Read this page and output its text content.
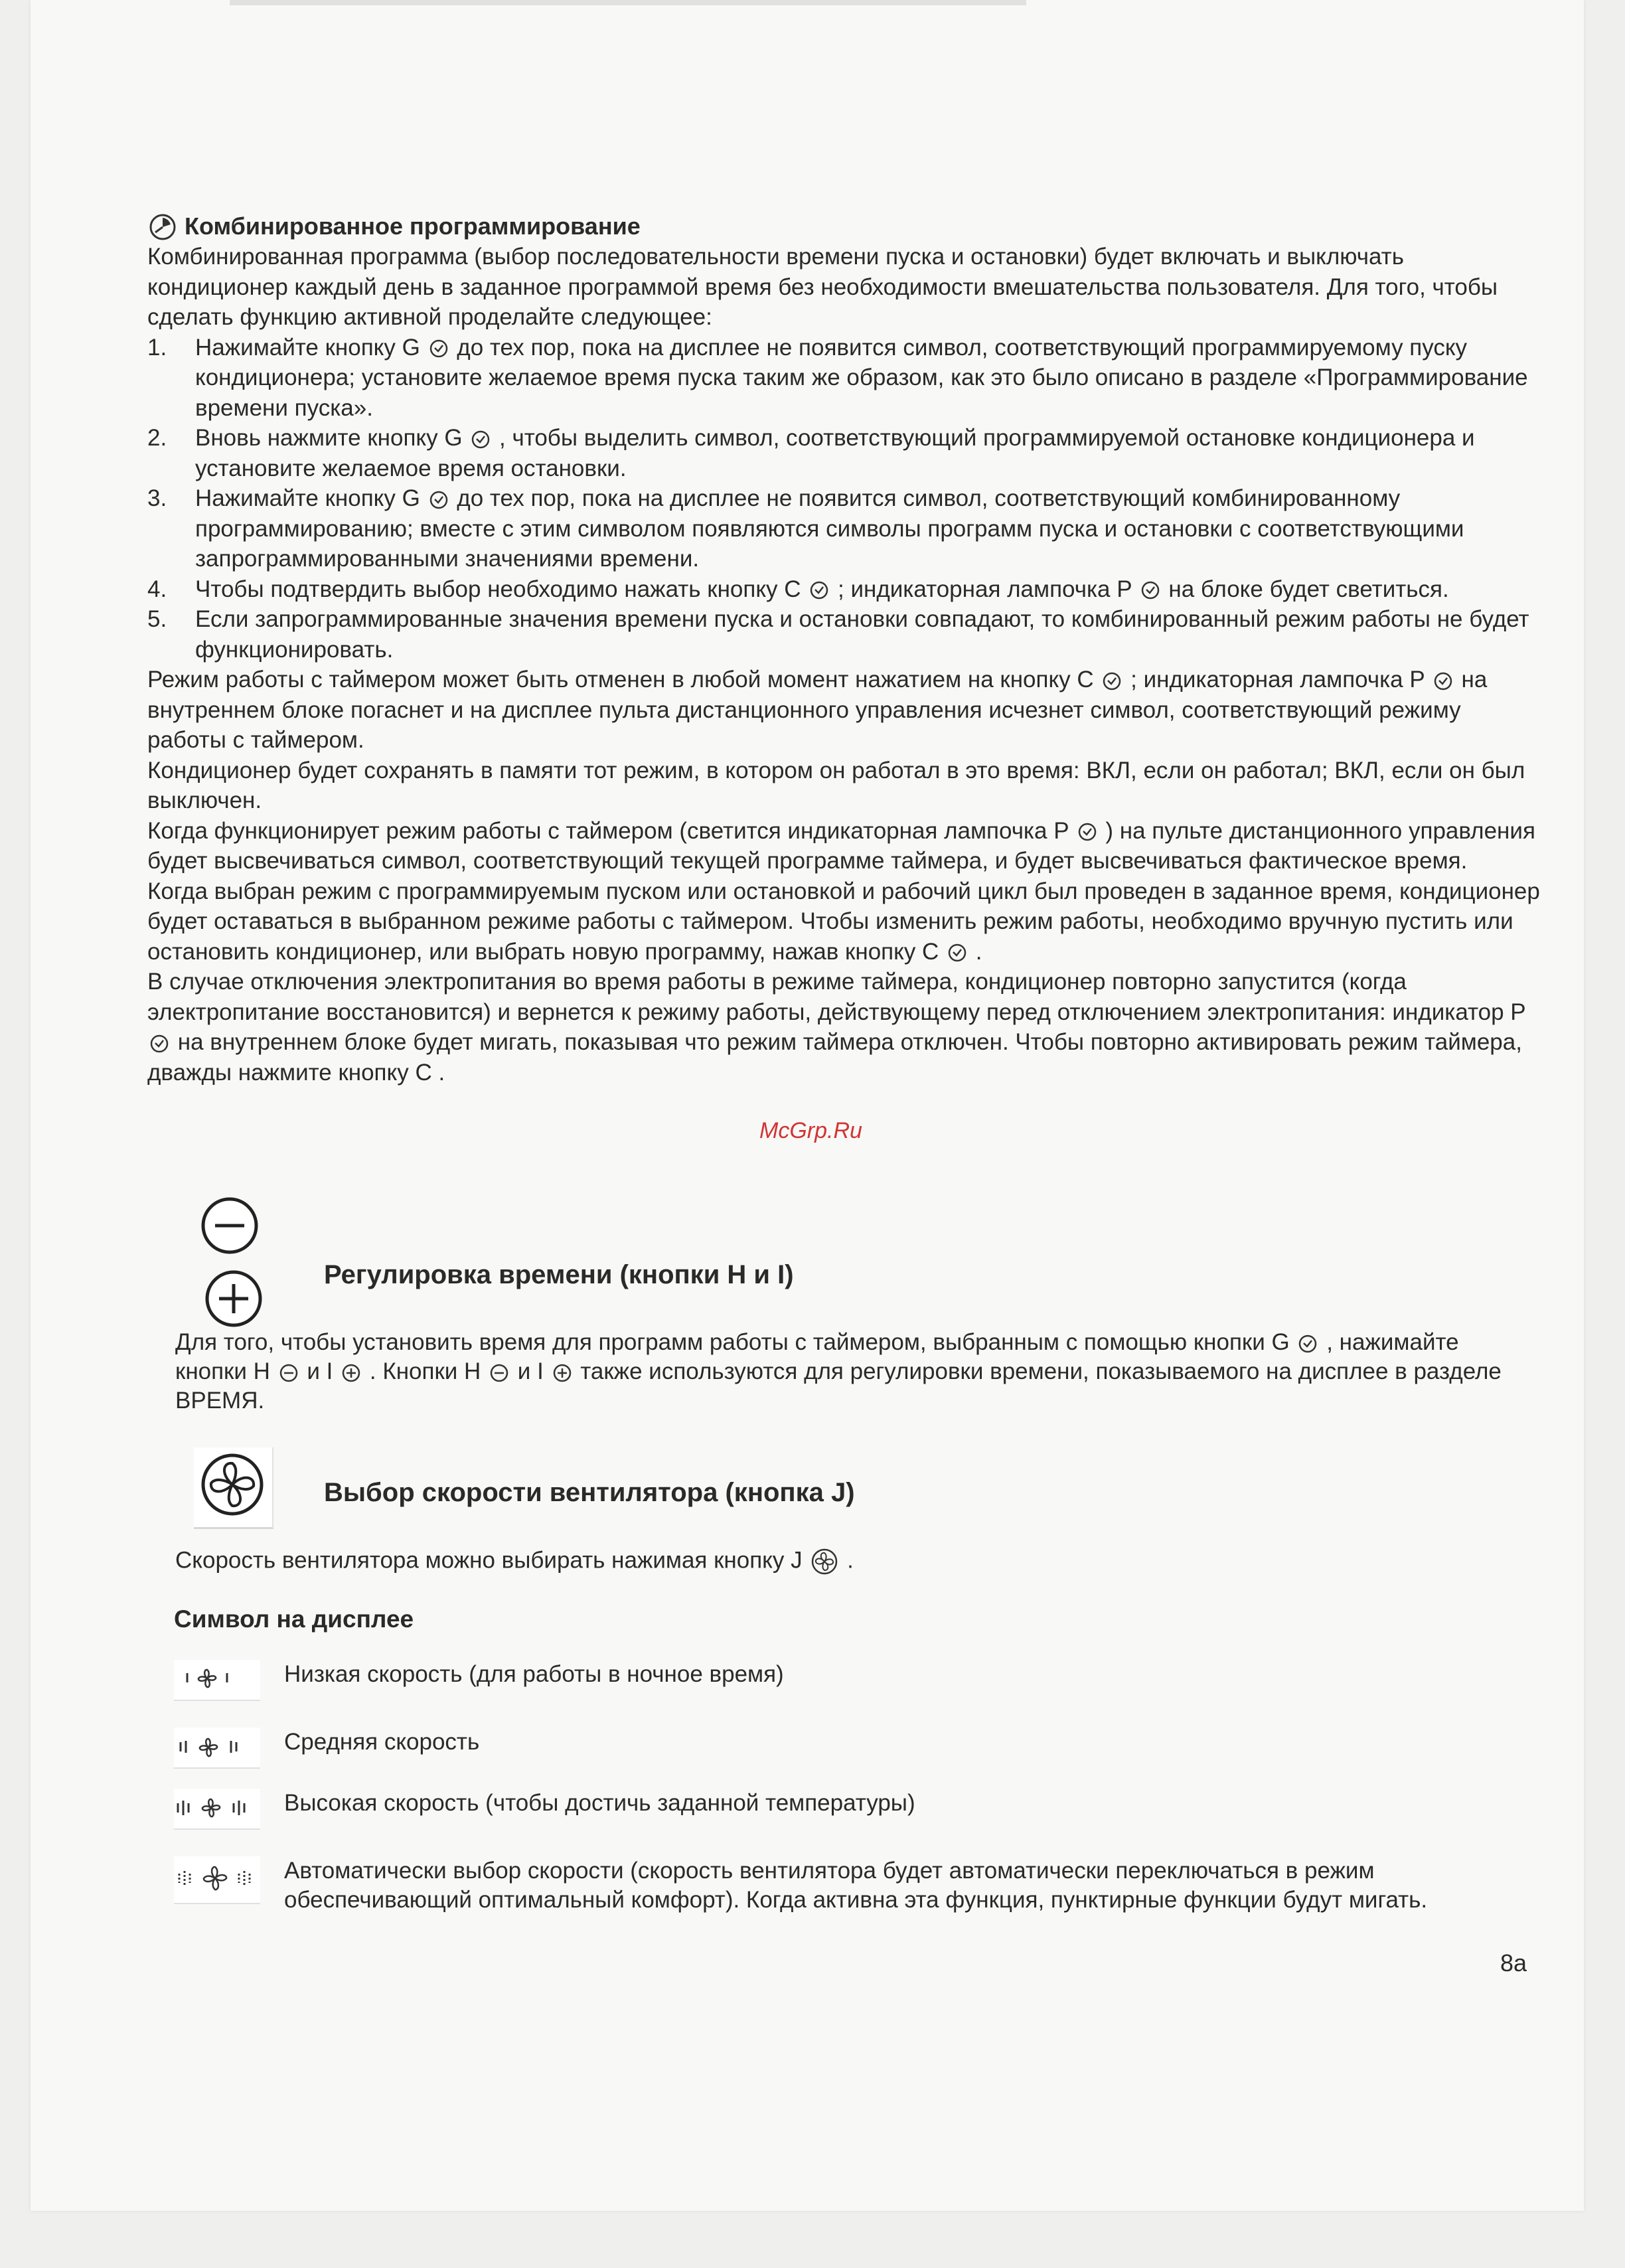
Комбинированное программирование

Комбинированная программа (выбор последовательности времени пуска и остановки) будет включать и выключать кондиционер каждый день в заданное программой время без необходимости вмешательства пользователя. Для того, чтобы сделать функцию активной проделайте следующее:

1. Нажимайте кнопку G
до тех пор, пока на дисплее не появится символ, соответствующий программируемому пуску кондиционера; установите желаемое время пуска таким же образом, как это было описано в разделе «Программирование времени пуска».
2. Вновь нажмите кнопку G
, чтобы выделить символ, соответствующий программируемой остановке кондиционера и установите желаемое время остановки.
3. Нажимайте кнопку G
до тех пор, пока на дисплее не появится символ, соответствующий комбинированному программированию; вместе с этим символом появляются символы программ пуска и остановки с соответствующими запрограммированными значениями времени.
4. Чтобы подтвердить выбор необходимо нажать кнопку C
; индикаторная лампочка P
на блоке будет светиться.
5. Если запрограммированные значения времени пуска и остановки совпадают, то комбинированный режим работы не будет функционировать.

Режим работы с таймером может быть отменен в любой момент нажатием на кнопку C
; индикаторная лампочка P
на внутреннем блоке погаснет и на дисплее пульта дистанционного управления исчезнет символ, соответствующий режиму работы с таймером.

Кондиционер будет сохранять в памяти тот режим, в котором он работал в это время: ВКЛ, если он работал; ВКЛ, если он был выключен.

Когда функционирует режим работы с таймером (светится индикаторная лампочка P ) на пульте дистанционного управления будет высвечиваться символ, соответствующий текущей программе таймера, и будет высвечиваться фактическое время.

Когда выбран режим с программируемым пуском или остановкой и рабочий цикл был проведен в заданное время, кондиционер будет оставаться в выбранном режиме работы с таймером. Чтобы изменить режим работы, необходимо вручную пустить или остановить кондиционер, или выбрать новую программу, нажав кнопку C
.

В случае отключения электропитания во время работы в режиме таймера, кондиционер повторно запустится (когда электропитание восстановится) и вернется к режиму работы, действующему перед отключением электропитания: индикатор P
на внутреннем блоке будет мигать, показывая что режим таймера отключен. Чтобы повторно активировать режим таймера, дважды нажмите кнопку C .

McGrp.Ru
Регулировка времени (кнопки H и I)
Для того, чтобы установить время для программ работы с таймером, выбранным с помощью кнопки G , нажимайте кнопки H
и I
. Кнопки H
и I
также используются для регулировки времени, показываемого на дисплее в разделе ВРЕМЯ.
Выбор скорости вентилятора (кнопка J)
Скорость вентилятора можно выбирать нажимая кнопку J
.
Символ на дисплее
Низкая скорость (для работы в ночное время)
Средняя скорость
Высокая скорость (чтобы достичь заданной температуры)
Автоматически выбор скорости (скорость вентилятора будет автоматически переключаться в режим обеспечивающий оптимальный комфорт). Когда активна эта функция, пунктирные функции будут мигать.
8a
